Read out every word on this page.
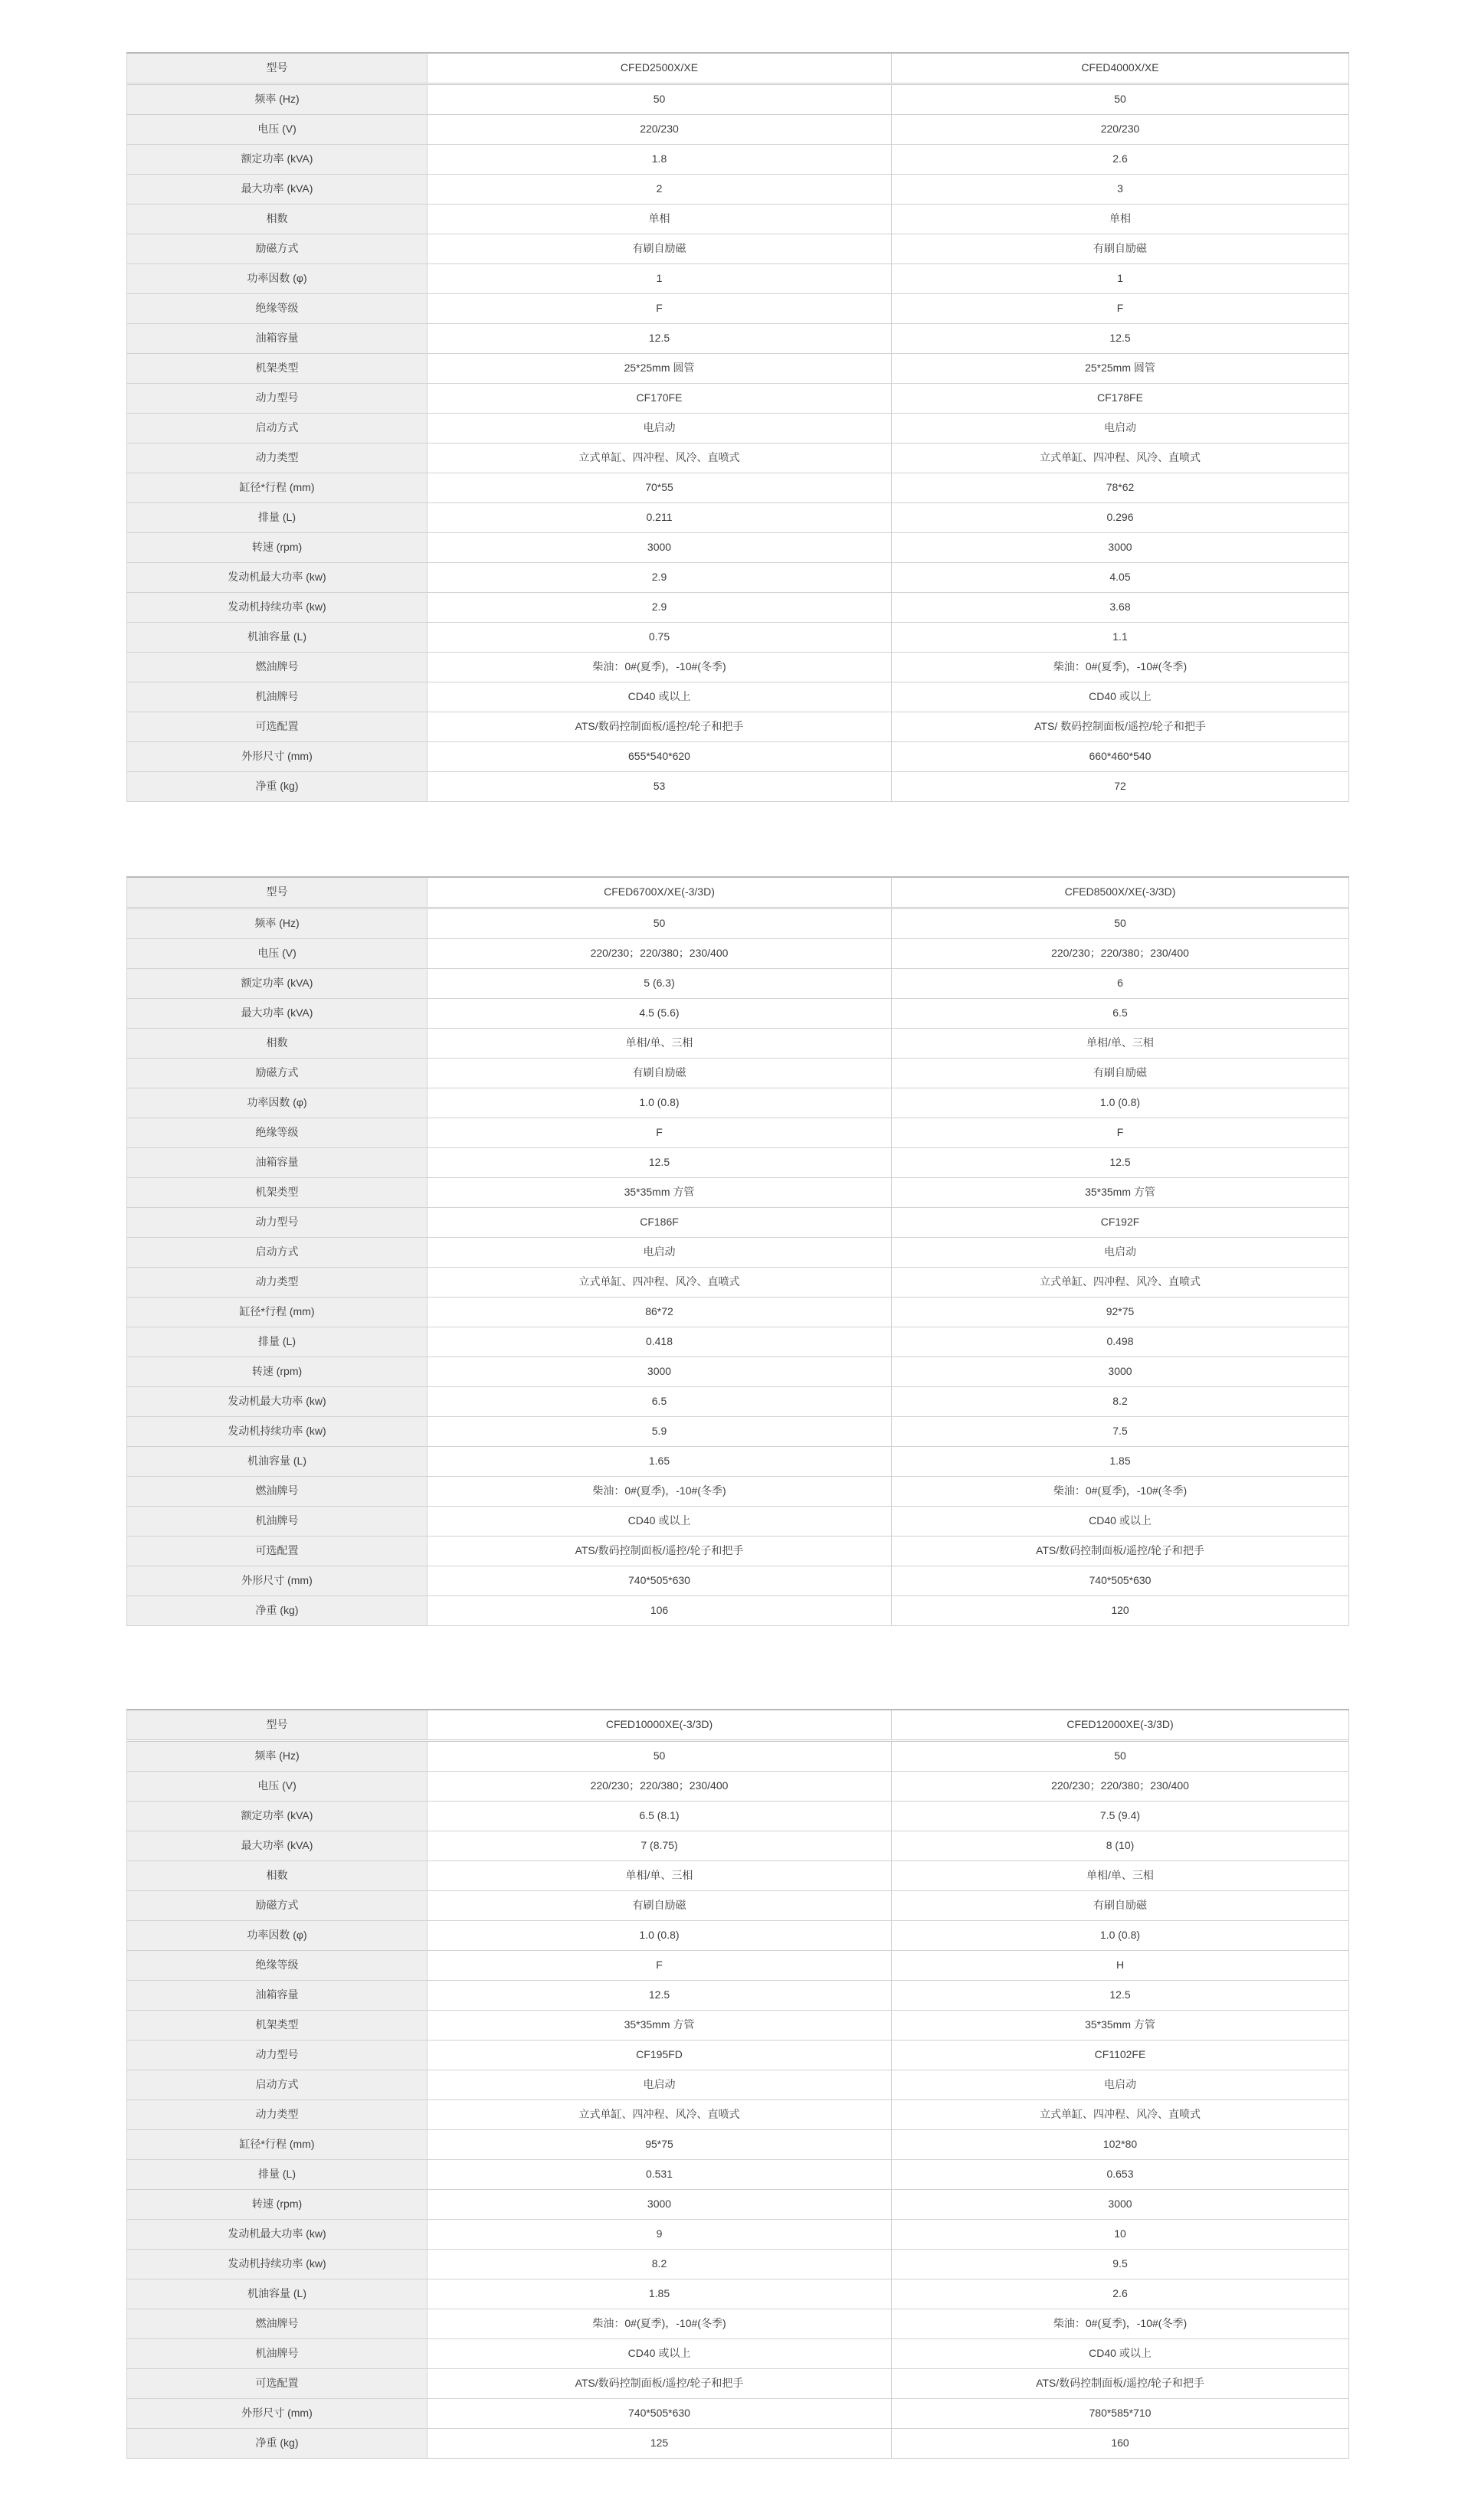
型号	CFED2500X/XE	CFED4000X/XE
频率 (Hz)	50	50
电压 (V)	220/230	220/230
额定功率 (kVA)	1.8	2.6
最大功率 (kVA)	2	3
相数	单相	单相
励磁方式	有刷自励磁	有刷自励磁
功率因数 (φ)	1	1
绝缘等级	F	F
油箱容量	12.5	12.5
机架类型	25*25mm 圆管	25*25mm 圆管
动力型号	CF170FE	CF178FE
启动方式	电启动	电启动
动力类型	立式单缸、四冲程、风冷、直喷式	立式单缸、四冲程、风冷、直喷式
缸径*行程 (mm)	70*55	78*62
排量 (L)	0.211	0.296
转速 (rpm)	3000	3000
发动机最大功率 (kw)	2.9	4.05
发动机持续功率 (kw)	2.9	3.68
机油容量 (L)	0.75	1.1
燃油牌号	柴油：0#(夏季)，-10#(冬季)	柴油：0#(夏季)，-10#(冬季)
机油牌号	CD40 或以上	CD40 或以上
可选配置	ATS/数码控制面板/遥控/轮子和把手	ATS/ 数码控制面板/遥控/轮子和把手
外形尺寸 (mm)	655*540*620	660*460*540
净重 (kg)	53	72
型号	CFED6700X/XE(-3/3D)	CFED8500X/XE(-3/3D)
频率 (Hz)	50	50
电压 (V)	220/230；220/380；230/400	220/230；220/380；230/400
额定功率 (kVA)	5 (6.3)	6
最大功率 (kVA)	4.5 (5.6)	6.5
相数	单相/单、三相	单相/单、三相
励磁方式	有刷自励磁	有刷自励磁
功率因数 (φ)	1.0 (0.8)	1.0 (0.8)
绝缘等级	F	F
油箱容量	12.5	12.5
机架类型	35*35mm 方管	35*35mm 方管
动力型号	CF186F	CF192F
启动方式	电启动	电启动
动力类型	立式单缸、四冲程、风冷、直喷式	立式单缸、四冲程、风冷、直喷式
缸径*行程 (mm)	86*72	92*75
排量 (L)	0.418	0.498
转速 (rpm)	3000	3000
发动机最大功率 (kw)	6.5	8.2
发动机持续功率 (kw)	5.9	7.5
机油容量 (L)	1.65	1.85
燃油牌号	柴油：0#(夏季)，-10#(冬季)	柴油：0#(夏季)，-10#(冬季)
机油牌号	CD40 或以上	CD40 或以上
可选配置	ATS/数码控制面板/遥控/轮子和把手	ATS/数码控制面板/遥控/轮子和把手
外形尺寸 (mm)	740*505*630	740*505*630
净重 (kg)	106	120
型号	CFED10000XE(-3/3D)	CFED12000XE(-3/3D)
频率 (Hz)	50	50
电压 (V)	220/230；220/380；230/400	220/230；220/380；230/400
额定功率 (kVA)	6.5 (8.1)	7.5 (9.4)
最大功率 (kVA)	7 (8.75)	8 (10)
相数	单相/单、三相	单相/单、三相
励磁方式	有刷自励磁	有刷自励磁
功率因数 (φ)	1.0 (0.8)	1.0 (0.8)
绝缘等级	F	H
油箱容量	12.5	12.5
机架类型	35*35mm 方管	35*35mm 方管
动力型号	CF195FD	CF1102FE
启动方式	电启动	电启动
动力类型	立式单缸、四冲程、风冷、直喷式	立式单缸、四冲程、风冷、直喷式
缸径*行程 (mm)	95*75	102*80
排量 (L)	0.531	0.653
转速 (rpm)	3000	3000
发动机最大功率 (kw)	9	10
发动机持续功率 (kw)	8.2	9.5
机油容量 (L)	1.85	2.6
燃油牌号	柴油：0#(夏季)，-10#(冬季)	柴油：0#(夏季)，-10#(冬季)
机油牌号	CD40 或以上	CD40 或以上
可选配置	ATS/数码控制面板/遥控/轮子和把手	ATS/数码控制面板/遥控/轮子和把手
外形尺寸 (mm)	740*505*630	780*585*710
净重 (kg)	125	160
